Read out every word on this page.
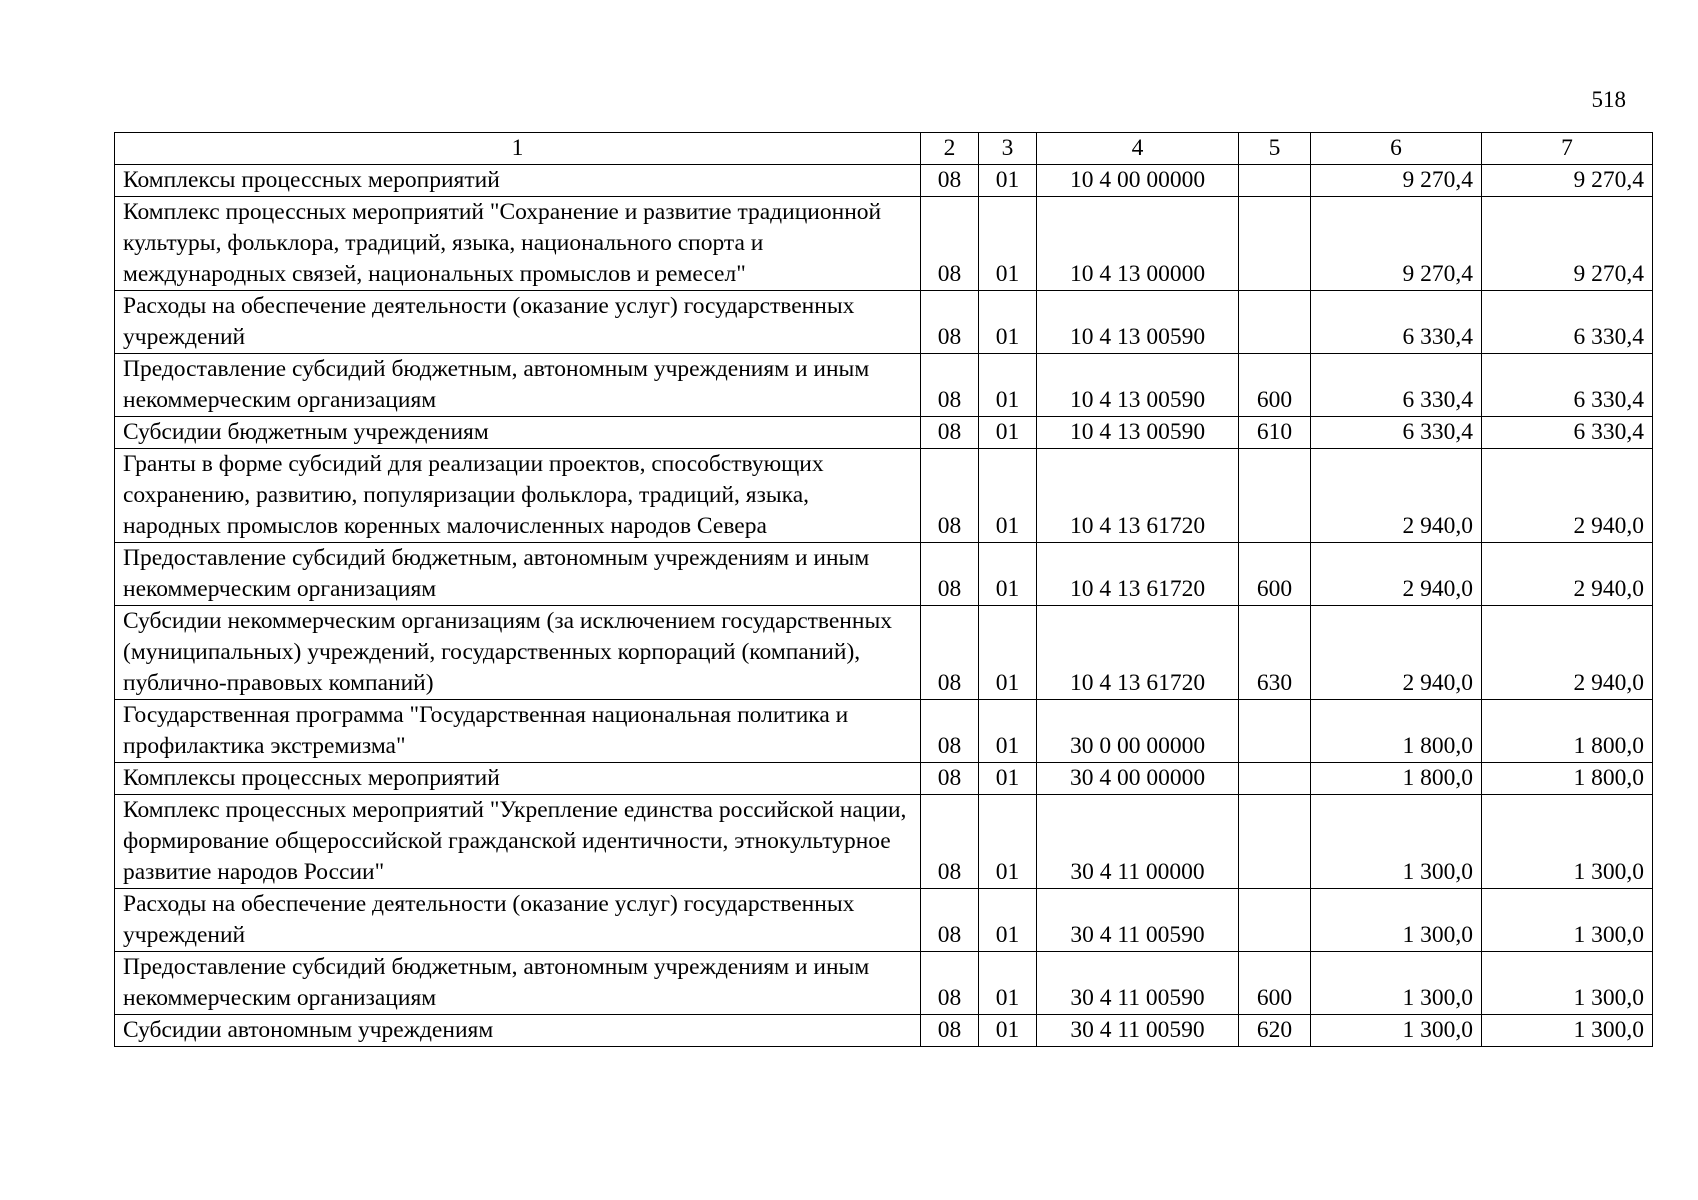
518
1	2	3	4	5	6	7
Комплексы процессных мероприятий	08	01	10 4 00 00000		9 270,4	9 270,4
Комплекс процессных мероприятий "Сохранение и развитие традиционной культуры, фольклора, традиций, языка, национального спорта и международных связей, национальных промыслов и ремесел"	08	01	10 4 13 00000		9 270,4	9 270,4
Расходы на обеспечение деятельности (оказание услуг) государственных учреждений	08	01	10 4 13 00590		6 330,4	6 330,4
Предоставление субсидий бюджетным, автономным учреждениям и иным некоммерческим организациям	08	01	10 4 13 00590	600	6 330,4	6 330,4
Субсидии бюджетным учреждениям	08	01	10 4 13 00590	610	6 330,4	6 330,4
Гранты в форме субсидий для реализации проектов, способствующих сохранению, развитию, популяризации фольклора, традиций, языка, народных промыслов коренных малочисленных народов Севера	08	01	10 4 13 61720		2 940,0	2 940,0
Предоставление субсидий бюджетным, автономным учреждениям и иным некоммерческим организациям	08	01	10 4 13 61720	600	2 940,0	2 940,0
Субсидии некоммерческим организациям (за исключением государственных (муниципальных) учреждений, государственных корпораций (компаний), публично-правовых компаний)	08	01	10 4 13 61720	630	2 940,0	2 940,0
Государственная программа "Государственная национальная политика и профилактика экстремизма"	08	01	30 0 00 00000		1 800,0	1 800,0
Комплексы процессных мероприятий	08	01	30 4 00 00000		1 800,0	1 800,0
Комплекс процессных мероприятий "Укрепление единства российской нации, формирование общероссийской гражданской идентичности, этнокультурное развитие народов России"	08	01	30 4 11 00000		1 300,0	1 300,0
Расходы на обеспечение деятельности (оказание услуг) государственных учреждений	08	01	30 4 11 00590		1 300,0	1 300,0
Предоставление субсидий бюджетным, автономным учреждениям и иным некоммерческим организациям	08	01	30 4 11 00590	600	1 300,0	1 300,0
Субсидии автономным учреждениям	08	01	30 4 11 00590	620	1 300,0	1 300,0
